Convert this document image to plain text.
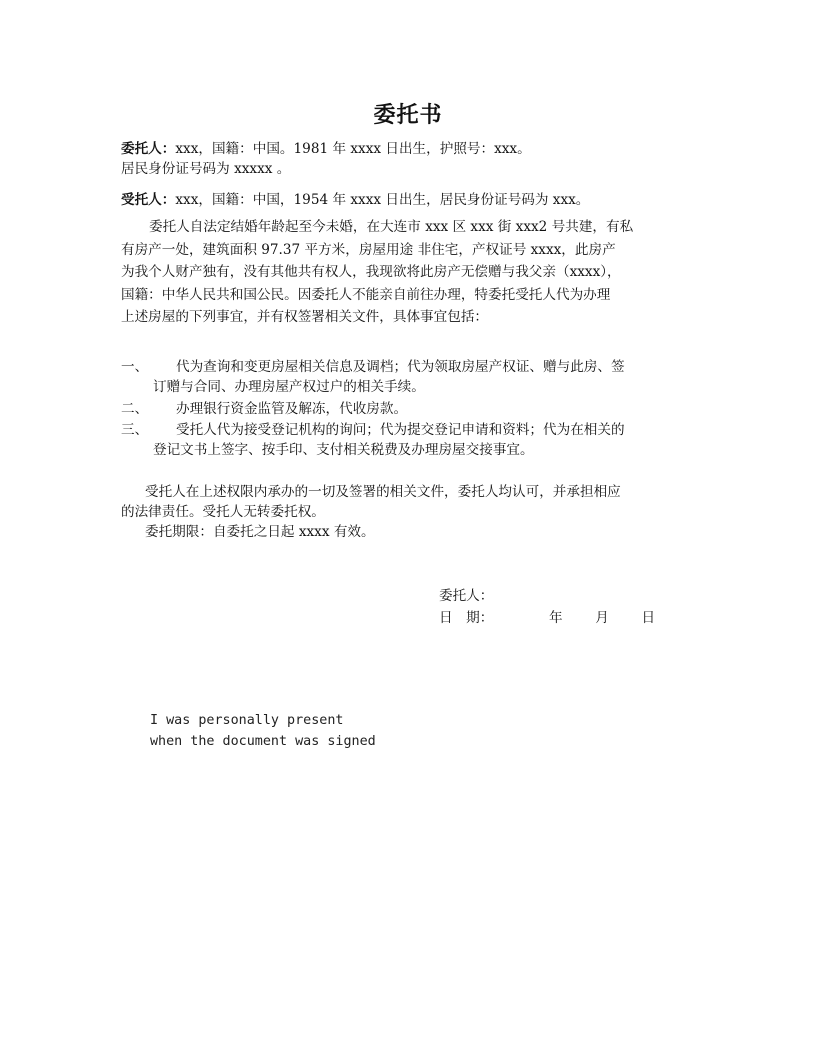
委托书
委托人：xxx，国籍：中国。1981 年 xxxx 日出生，护照号：xxx。
居民身份证号码为 xxxxx 。
受托人：xxx，国籍：中国，1954 年 xxxx 日出生，居民身份证号码为 xxx。
委托人自法定结婚年龄起至今未婚，在大连市 xxx 区 xxx 街 xxx2 号共建，有私
有房产一处，建筑面积 97.37 平方米，房屋用途 非住宅，产权证号 xxxx，此房产
为我个人财产独有，没有其他共有权人，我现欲将此房产无偿赠与我父亲（xxxx），
国籍：中华人民共和国公民。因委托人不能亲自前往办理，特委托受托人代为办理
上述房屋的下列事宜，并有权签署相关文件，具体事宜包括：
一、	代为查询和变更房屋相关信息及调档；代为领取房屋产权证、赠与此房、签
订赠与合同、办理房屋产权过户的相关手续。
二、	办理银行资金监管及解冻，代收房款。
三、	受托人代为接受登记机构的询问；代为提交登记申请和资料；代为在相关的
登记文书上签字、按手印、支付相关税费及办理房屋交接事宜。
受托人在上述权限内承办的一切及签署的相关文件，委托人均认可，并承担相应
的法律责任。受托人无转委托权。
委托期限：自委托之日起 xxxx 有效。
委托人：
日　期：	年 月 日
I was personally present
when the document was signed
